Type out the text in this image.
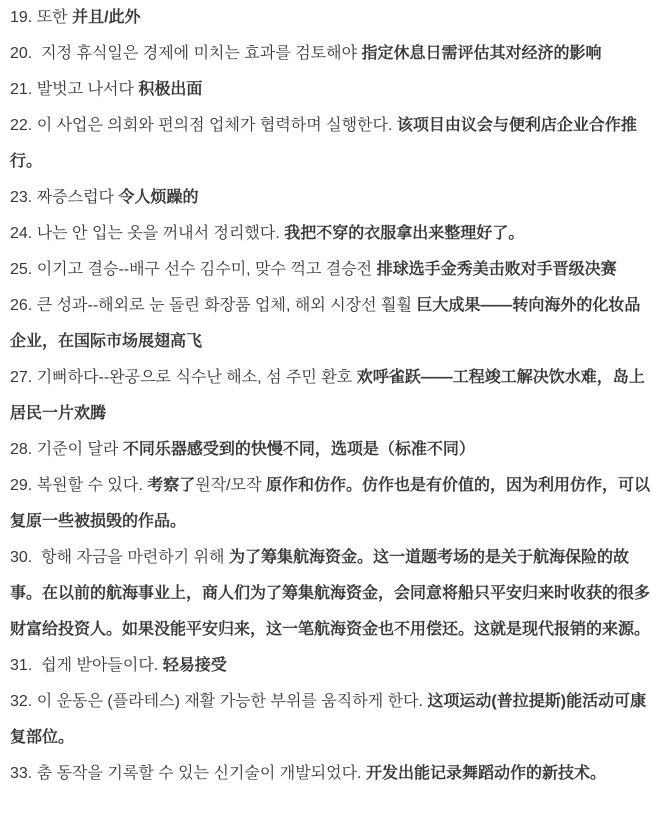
19. 또한 并且/此外

20.  지정 휴식일은 경제에 미치는 효과를 검토해야 指定休息日需评估其对经济的影响

21. 발벗고 나서다 积极出面

22. 이 사업은 의회와 편의점 업체가 협력하며 실행한다. 该项目由议会与便利店企业合作推行。

23. 짜증스럽다 令人烦躁的

24. 나는 안 입는 옷을 꺼내서 정리했다. 我把不穿的衣服拿出来整理好了。

25. 이기고 결승--배구 선수 김수미, 맞수 꺽고 결승전 排球选手金秀美击败对手晋级决赛

26. 큰 성과--해외로 눈 돌린 화장품 업체, 해외 시장선 훨훨 巨大成果——转向海外的化妆品企业，在国际市场展翅高飞

27. 기뻐하다--완공으로 식수난 해소, 섬 주민 환호 欢呼雀跃——工程竣工解决饮水难，岛上居民一片欢腾

28. 기준이 달라 不同乐器感受到的快慢不同，选项是（标准不同）

29. 복원할 수 있다. 考察了원작/모작 原作和仿作。仿作也是有价值的，因为利用仿作，可以复原一些被损毁的作品。

30.  항해 자금을 마련하기 위해 为了筹集航海资金。这一道题考场的是关于航海保险的故事。在以前的航海事业上，商人们为了筹集航海资金，会同意将船只平安归来时收获的很多财富给投资人。如果没能平安归来，这一笔航海资金也不用偿还。这就是现代报销的来源。

31.  쉽게 받아들이다. 轻易接受

32. 이 운동은 (플라테스) 재활 가능한 부위를 움직하게 한다. 这项运动(普拉提斯)能活动可康复部位。

33. 춤 동작을 기록할 수 있는 신기술이 개발되었다. 开发出能记录舞蹈动作的新技术。
